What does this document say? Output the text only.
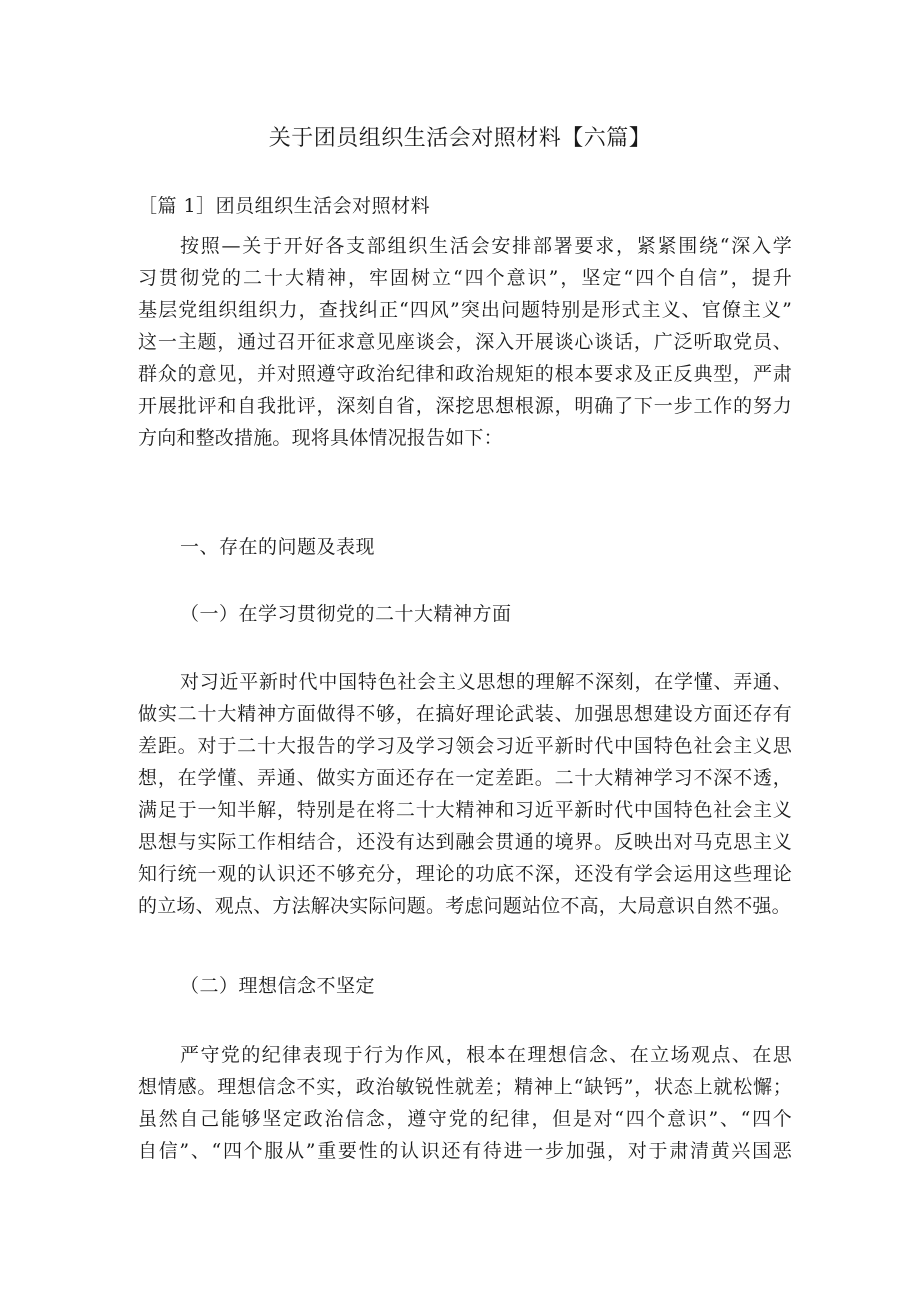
关于团员组织生活会对照材料【六篇】

［篇 1］团员组织生活会对照材料

按照—关于开好各支部组织生活会安排部署要求，紧紧围绕“深入学
习贯彻党的二十大精神，牢固树立“四个意识”，坚定“四个自信”，提升
基层党组织组织力，查找纠正“四风”突出问题特别是形式主义、官僚主义”
这一主题，通过召开征求意见座谈会，深入开展谈心谈话，广泛听取党员、
群众的意见，并对照遵守政治纪律和政治规矩的根本要求及正反典型，严肃
开展批评和自我批评，深刻自省，深挖思想根源，明确了下一步工作的努力
方向和整改措施。现将具体情况报告如下：

一、存在的问题及表现

（一）在学习贯彻党的二十大精神方面

对习近平新时代中国特色社会主义思想的理解不深刻，在学懂、弄通、
做实二十大精神方面做得不够，在搞好理论武装、加强思想建设方面还存有
差距。对于二十大报告的学习及学习领会习近平新时代中国特色社会主义思
想，在学懂、弄通、做实方面还存在一定差距。二十大精神学习不深不透，
满足于一知半解，特别是在将二十大精神和习近平新时代中国特色社会主义
思想与实际工作相结合，还没有达到融会贯通的境界。反映出对马克思主义
知行统一观的认识还不够充分，理论的功底不深，还没有学会运用这些理论
的立场、观点、方法解决实际问题。考虑问题站位不高，大局意识自然不强。

（二）理想信念不坚定

严守党的纪律表现于行为作风，根本在理想信念、在立场观点、在思
想情感。理想信念不实，政治敏锐性就差；精神上“缺钙”，状态上就松懈；
虽然自己能够坚定政治信念，遵守党的纪律，但是对“四个意识”、“四个
自信”、“四个服从”重要性的认识还有待进一步加强，对于肃清黄兴国恶
